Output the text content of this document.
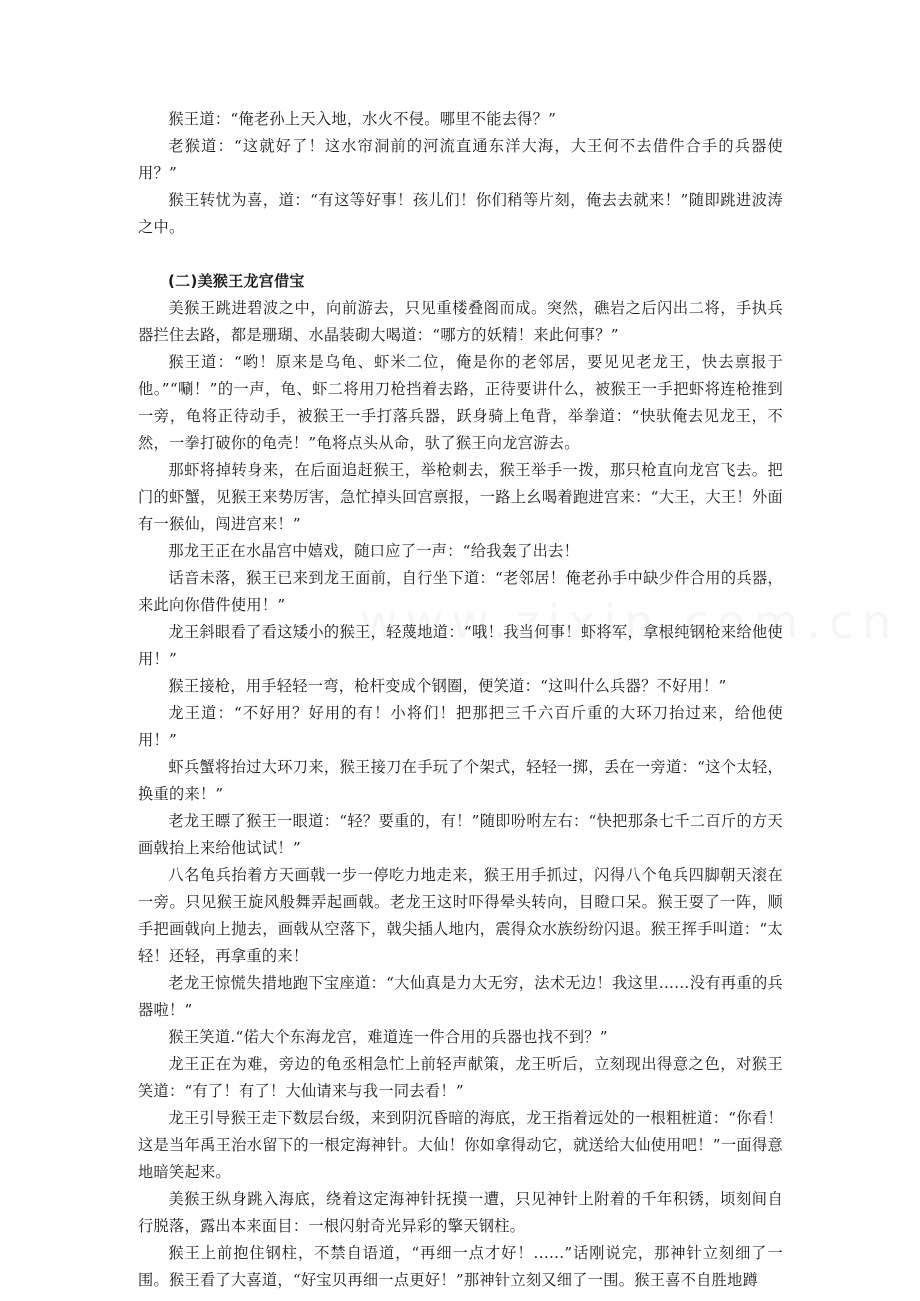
猴王道：“俺老孙上天入地，水火不侵。哪里不能去得？”

老猴道：“这就好了！这水帘洞前的河流直通东洋大海，大王何不去借件合手的兵器使用？”

猴王转忧为喜，道：“有这等好事！孩儿们！你们稍等片刻，俺去去就来！”随即跳进波涛之中。

(二)美猴王龙宫借宝

美猴王跳进碧波之中，向前游去，只见重楼叠阁而成。突然，礁岩之后闪出二将，手执兵器拦住去路，都是珊瑚、水晶装砌大喝道：“哪方的妖精！来此何事？”

猴王道：“哟！原来是乌龟、虾米二位，俺是你的老邻居，要见见老龙王，快去禀报于他。”“唰！”的一声，龟、虾二将用刀枪挡着去路，正待要讲什么，被猴王一手把虾将连枪推到一旁，龟将正待动手，被猴王一手打落兵器，跃身骑上龟背，举拳道：“快驮俺去见龙王，不然，一拳打破你的龟壳！”龟将点头从命，驮了猴王向龙宫游去。

那虾将掉转身来，在后面追赶猴王，举枪刺去，猴王举手一拨，那只枪直向龙宫飞去。把门的虾蟹，见猴王来势厉害，急忙掉头回宫禀报，一路上幺喝着跑进宫来：“大王，大王！外面有一猴仙，闯进宫来！”

那龙王正在水晶宫中嬉戏，随口应了一声：“给我轰了出去！

话音未落，猴王已来到龙王面前，自行坐下道：“老邻居！俺老孙手中缺少件合用的兵器，来此向你借件使用！”

龙王斜眼看了看这矮小的猴王，轻蔑地道：“哦！我当何事！虾将军，拿根纯钢枪来给他使用！”

猴王接枪，用手轻轻一弯，枪杆变成个钢圈，便笑道：“这叫什么兵器？不好用！”

龙王道：“不好用？好用的有！小将们！把那把三千六百斤重的大环刀抬过来，给他使用！”

虾兵蟹将抬过大环刀来，猴王接刀在手玩了个架式，轻轻一掷，丢在一旁道：“这个太轻，换重的来！”

老龙王瞟了猴王一眼道：“轻？要重的，有！”随即吩咐左右：“快把那条七千二百斤的方天画戟抬上来给他试试！”

八名龟兵抬着方天画戟一步一停吃力地走来，猴王用手抓过，闪得八个龟兵四脚朝天滚在一旁。只见猴王旋风般舞弄起画戟。老龙王这时吓得晕头转向，目瞪口呆。猴王耍了一阵，顺手把画戟向上抛去，画戟从空落下，戟尖插人地内，震得众水族纷纷闪退。猴王挥手叫道：“太轻！还轻，再拿重的来！

老龙王惊慌失措地跑下宝座道：“大仙真是力大无穷，法术无边！我这里……没有再重的兵器啦！”

猴王笑道.“偌大个东海龙宫，难道连一件合用的兵器也找不到？”

龙王正在为难，旁边的龟丞相急忙上前轻声献策，龙王听后，立刻现出得意之色，对猴王笑道：“有了！有了！大仙请来与我一同去看！”

龙王引导猴王走下数层台级，来到阴沉昏暗的海底，龙王指着远处的一根粗桩道：“你看！这是当年禹王治水留下的一根定海神针。大仙！你如拿得动它，就送给大仙使用吧！”一面得意地暗笑起来。

美猴王纵身跳入海底，绕着这定海神针抚摸一遭，只见神针上附着的千年积锈，顷刻间自行脱落，露出本来面目：一根闪射奇光异彩的擎天钢柱。

猴王上前抱住钢柱，不禁自语道，“再细一点才好！......”话刚说完，那神针立刻细了一围。猴王看了大喜道，“好宝贝再细一点更好！”那神针立刻又细了一围。猴王喜不自胜地蹲
